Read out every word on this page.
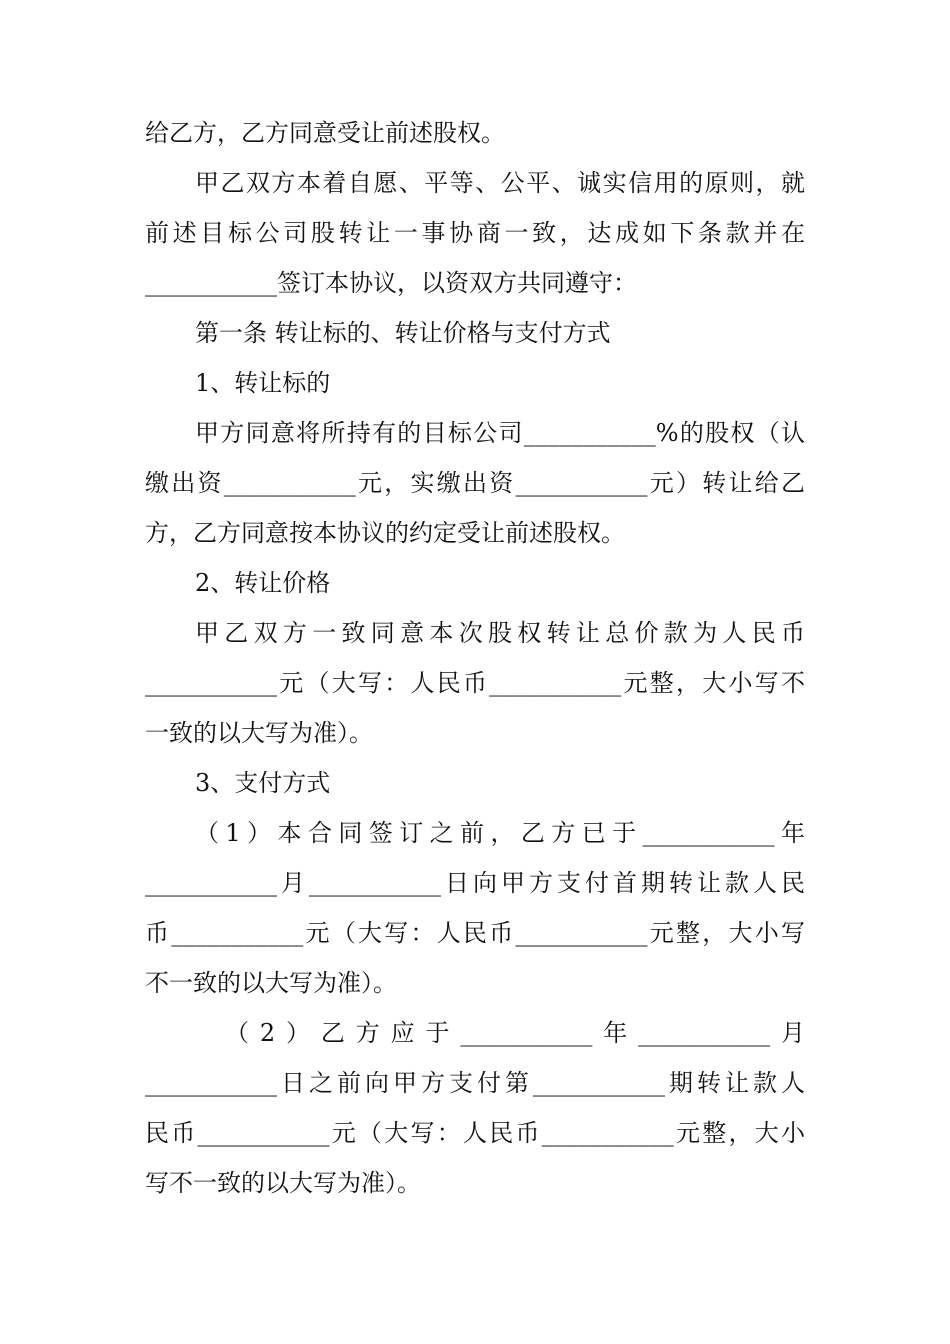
给乙方，乙方同意受让前述股权。
甲乙双方本着自愿、平等、公平、诚实信用的原则，就
前述目标公司股转让一事协商一致，达成如下条款并在
___________签订本协议，以资双方共同遵守：
第一条 转让标的、转让价格与支付方式
1、转让标的
甲方同意将所持有的目标公司___________%的股权（认
缴出资___________元，实缴出资___________元）转让给乙
方，乙方同意按本协议的约定受让前述股权。
2、转让价格
甲乙双方一致同意本次股权转让总价款为人民币
___________元（大写：人民币___________元整，大小写不
一致的以大写为准）。
3、支付方式
（1）本合同签订之前，乙方已于___________年
___________月___________日向甲方支付首期转让款人民
币___________元（大写：人民币___________元整，大小写
不一致的以大写为准）。
（2）乙方应于___________年___________月
___________日之前向甲方支付第___________期转让款人
民币___________元（大写：人民币___________元整，大小
写不一致的以大写为准）。
